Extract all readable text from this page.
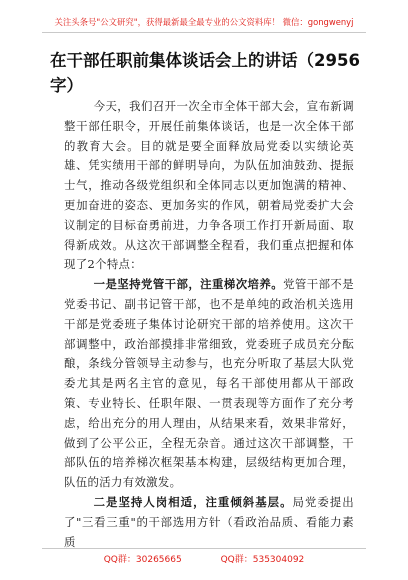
关注头条号"公文研究"，获得最新最全最专业的公文资料库！ 微信：gongwenyj
在干部任职前集体谈话会上的讲话（2956字）

今天，我们召开一次全市全体干部大会，宣布新调整干部任职令，开展任前集体谈话，也是一次全体干部的教育大会。目的就是要全面释放局党委以实绩论英雄、凭实绩用干部的鲜明导向，为队伍加油鼓劲、提振士气，推动各级党组织和全体同志以更加饱满的精神、更加奋进的姿态、更加务实的作风，朝着局党委扩大会议制定的目标奋勇前进，力争各项工作打开新局面、取得新成效。从这次干部调整全程看，我们重点把握和体现了2个特点：

一是坚持党管干部，注重梯次培养。党管干部不是党委书记、副书记管干部，也不是单纯的政治机关选用干部是党委班子集体讨论研究干部的培养使用。这次干部调整中，政治部摸排非常细致，党委班子成员充分酝酿，条线分管领导主动参与，也充分听取了基层大队党委尤其是两名主官的意见，每名干部使用都从干部政策、专业特长、任职年限、一贯表现等方面作了充分考虑，给出充分的用人理由，从结果来看，效果非常好，做到了公平公正，全程无杂音。通过这次干部调整，干部队伍的培养梯次框架基本构建，层级结构更加合理，队伍的活力有效激发。

二是坚持人岗相适，注重倾斜基层。局党委提出了"三看三重"的干部选用方针（看政治品质、看能力素质

QQ群：30265665	QQ群：535304092
